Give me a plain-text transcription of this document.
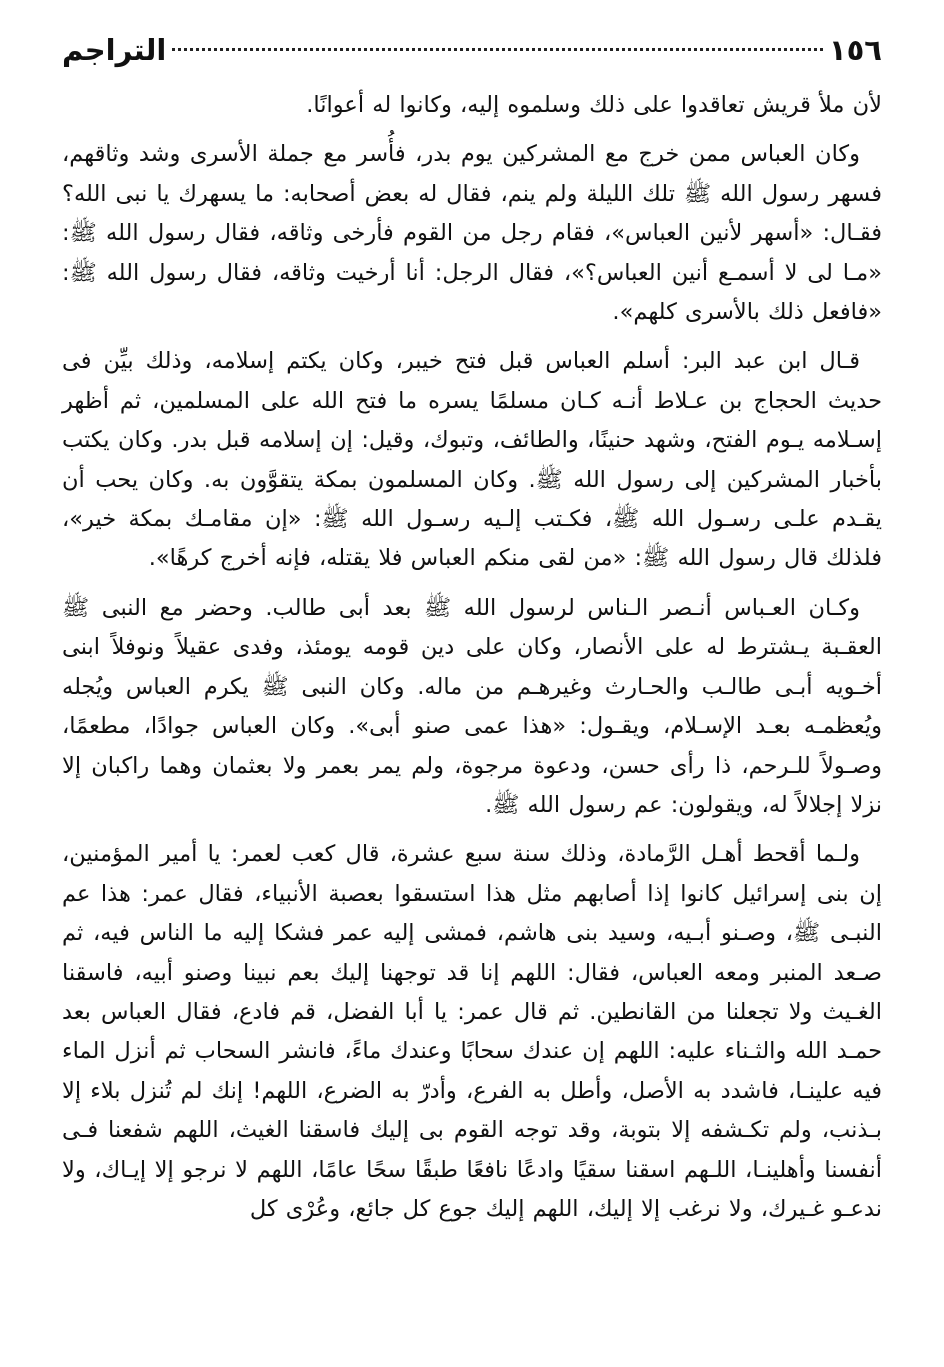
١٥٦
التراجم

لأن ملأ قريش تعاقدوا على ذلك وسلموه إليه، وكانوا له أعوانًا.

وكان العباس ممن خرج مع المشركين يوم بدر، فأُسر مع جملة الأسرى وشد وثاقهم، فسهر رسول الله ﷺ تلك الليلة ولم ينم، فقال له بعض أصحابه: ما يسهرك يا نبى الله؟ فقـال: «أسهر لأنين العباس»، فقام رجل من القوم فأرخى وثاقه، فقال رسول الله ﷺ: «مـا لى لا أسمـع أنين العباس؟»، فقال الرجل: أنا أرخيت وثاقه، فقال رسول الله ﷺ: «فافعل ذلك بالأسرى كلهم».

قـال ابن عبد البر: أسلم العباس قبل فتح خيبر، وكان يكتم إسلامه، وذلك بيِّن فى حديث الحجاج بن عـلاط أنـه كـان مسلمًا يسره ما فتح الله على المسلمين، ثم أظهر إسـلامه يـوم الفتح، وشهد حنينًا، والطائف، وتبوك، وقيل: إن إسلامه قبل بدر. وكان يكتب بأخبار المشركين إلى رسول الله ﷺ. وكان المسلمون بمكة يتقوَّون به. وكان يحب أن يقـدم علـى رسـول الله ﷺ، فكـتب إلـيه رسـول الله ﷺ: «إن مقامـك بمكة خير»، فلذلك قال رسول الله ﷺ: «من لقى منكم العباس فلا يقتله، فإنه أخرج كرهًا».

وكـان العـباس أنـصر الـناس لرسول الله ﷺ بعد أبى طالب. وحضر مع النبى ﷺ العقـبة يـشترط له على الأنصار، وكان على دين قومه يومئذ، وفدى عقيلاً ونوفلاً ابنى أخـويه أبـى طالـب والحـارث وغيرهـم من ماله. وكان النبى ﷺ يكرم العباس ويُجله ويُعظمـه بعـد الإسـلام، ويقـول: «هذا عمى صنو أبى». وكان العباس جوادًا، مطعمًا، وصـولاً للـرحم، ذا رأى حسن، ودعوة مرجوة، ولم يمر بعمر ولا بعثمان وهما راكبان إلا نزلا إجلالاً له، ويقولون: عم رسول الله ﷺ.

ولـما أقحط أهـل الرَّمادة، وذلك سنة سبع عشرة، قال كعب لعمر: يا أمير المؤمنين، إن بنى إسرائيل كانوا إذا أصابهم مثل هذا استسقوا بعصبة الأنبياء، فقال عمر: هذا عم النبـى ﷺ، وصـنو أبـيه، وسيد بنى هاشم، فمشى إليه عمر فشكا إليه ما الناس فيه، ثم صـعد المنبر ومعه العباس، فقال: اللهم إنا قد توجهنا إليك بعم نبينا وصنو أبيه، فاسقنا الغـيث ولا تجعلنا من القانطين. ثم قال عمر: يا أبا الفضل، قم فادع، فقال العباس بعد حمـد الله والثـناء عليه: اللهم إن عندك سحابًا وعندك ماءً، فانشر السحاب ثم أنزل الماء فيه علينـا، فاشدد به الأصل، وأطل به الفرع، وأدرّ به الضرع، اللهم! إنك لم تُنزل بلاء إلا بـذنب، ولم تكـشفه إلا بتوبة، وقد توجه القوم بى إليك فاسقنا الغيث، اللهم شفعنا فـى أنفسنا وأهلينـا، اللـهم اسقنا سقيًا وادعًا نافعًا طبقًا سحًا عامًا، اللهم لا نرجو إلا إيـاك، ولا ندعـو غـيرك، ولا نرغب إلا إليك، اللهم إليك جوع كل جائع، وعُرْى كل
